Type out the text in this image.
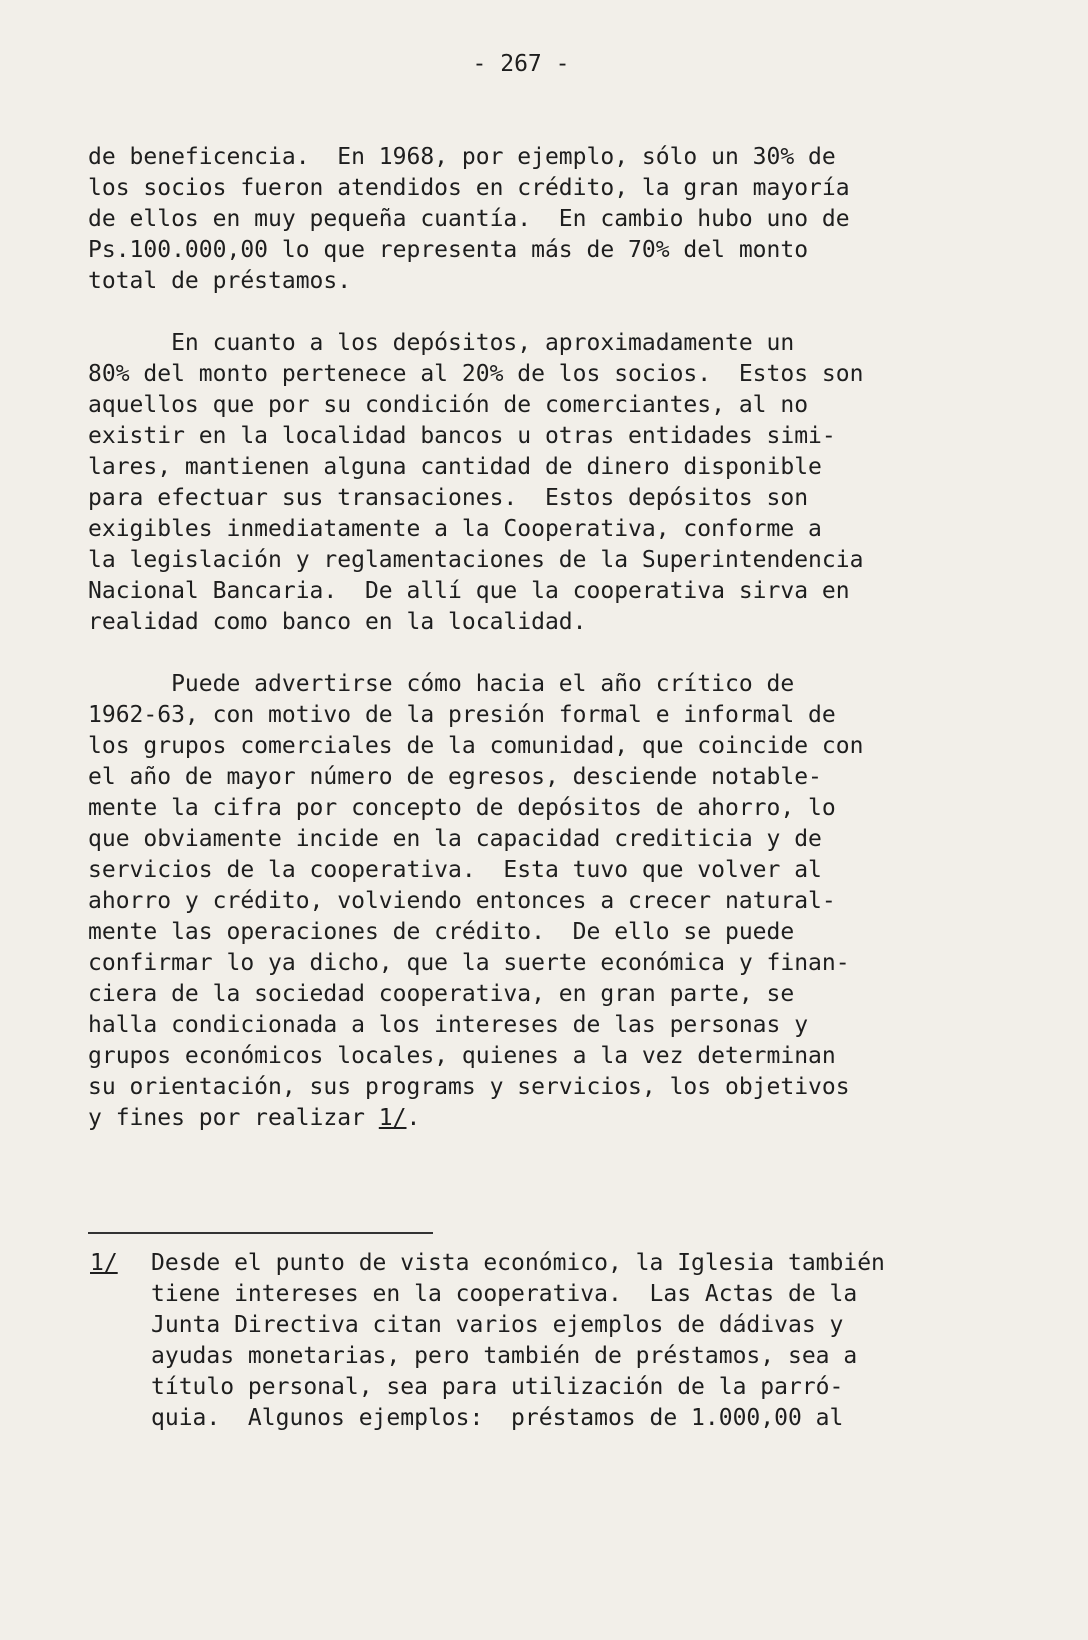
- 267 -
de beneficencia.  En 1968, por ejemplo, sólo un 30% de
los socios fueron atendidos en crédito, la gran mayoría
de ellos en muy pequeña cuantía.  En cambio hubo uno de
Ps.100.000,00 lo que representa más de 70% del monto
total de préstamos.
En cuanto a los depósitos, aproximadamente un
80% del monto pertenece al 20% de los socios.  Estos son
aquellos que por su condición de comerciantes, al no
existir en la localidad bancos u otras entidades simi-
lares, mantienen alguna cantidad de dinero disponible
para efectuar sus transaciones.  Estos depósitos son
exigibles inmediatamente a la Cooperativa, conforme a
la legislación y reglamentaciones de la Superintendencia
Nacional Bancaria.  De allí que la cooperativa sirva en
realidad como banco en la localidad.
Puede advertirse cómo hacia el año crítico de
1962-63, con motivo de la presión formal e informal de
los grupos comerciales de la comunidad, que coincide con
el año de mayor número de egresos, desciende notable-
mente la cifra por concepto de depósitos de ahorro, lo
que obviamente incide en la capacidad crediticia y de
servicios de la cooperativa.  Esta tuvo que volver al
ahorro y crédito, volviendo entonces a crecer natural-
mente las operaciones de crédito.  De ello se puede
confirmar lo ya dicho, que la suerte económica y finan-
ciera de la sociedad cooperativa, en gran parte, se
halla condicionada a los intereses de las personas y
grupos económicos locales, quienes a la vez determinan
su orientación, sus programs y servicios, los objetivos
y fines por realizar 1/.
1/ Desde el punto de vista económico, la Iglesia también
tiene intereses en la cooperativa.  Las Actas de la
Junta Directiva citan varios ejemplos de dádivas y
ayudas monetarias, pero también de préstamos, sea a
título personal, sea para utilización de la parró-
quia.  Algunos ejemplos:  préstamos de 1.000,00 al
